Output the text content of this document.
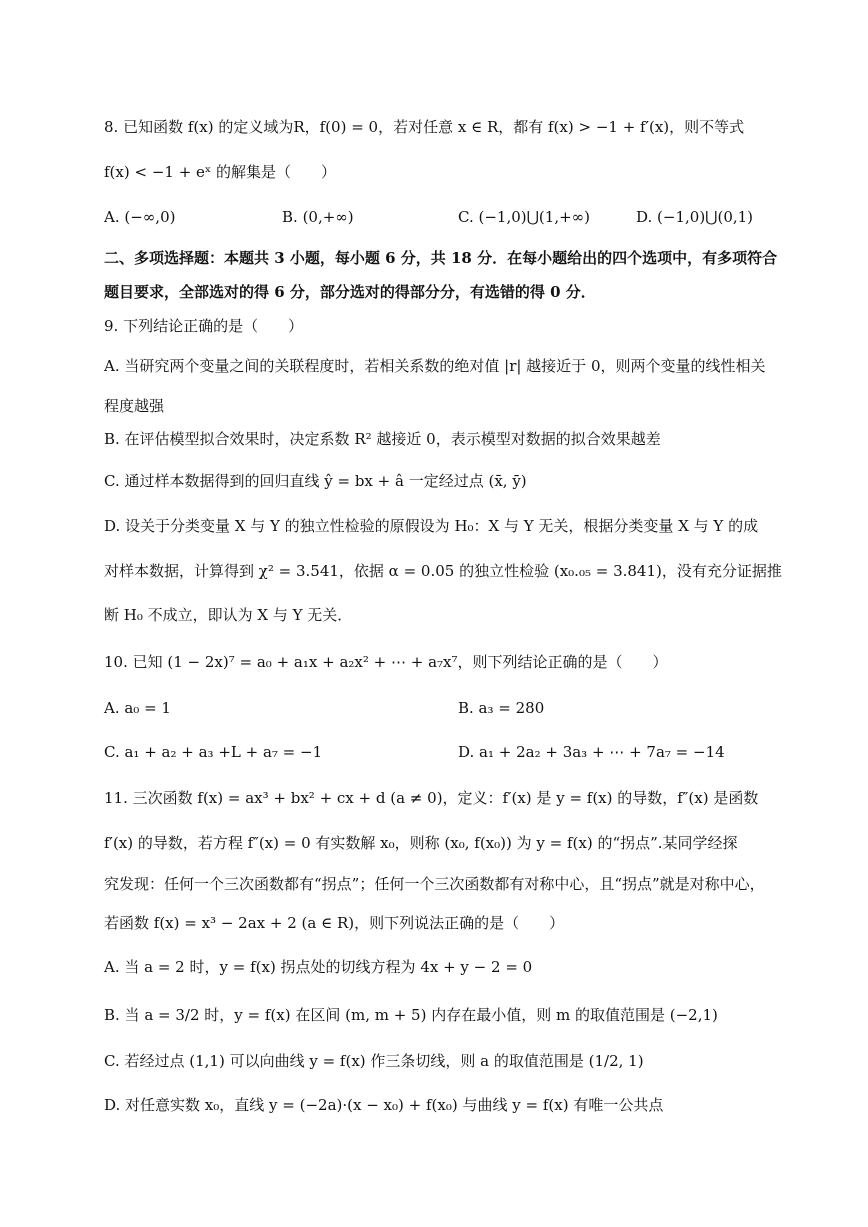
8. 已知函数 f(x) 的定义域为R，f(0) = 0，若对任意 x ∈ R，都有 f(x) > −1 + f′(x)，则不等式
f(x) < −1 + eˣ 的解集是（　　）
A. (−∞,0)	B. (0,+∞)	C. (−1,0)⋃(1,+∞)	D. (−1,0)⋃(0,1)
二、多项选择题：本题共 3 小题，每小题 6 分，共 18 分．在每小题给出的四个选项中，有多项符合
题目要求，全部选对的得 6 分，部分选对的得部分分，有选错的得 0 分．
9. 下列结论正确的是（　　）
A. 当研究两个变量之间的关联程度时，若相关系数的绝对值 |r| 越接近于 0，则两个变量的线性相关
程度越强
B. 在评估模型拟合效果时，决定系数 R² 越接近 0，表示模型对数据的拟合效果越差
C. 通过样本数据得到的回归直线 ŷ = bx + â 一定经过点 (x̄, ȳ)
D. 设关于分类变量 X 与 Y 的独立性检验的原假设为 H₀：X 与 Y 无关，根据分类变量 X 与 Y 的成
对样本数据，计算得到 χ² = 3.541，依据 α = 0.05 的独立性检验 (x₀.₀₅ = 3.841)，没有充分证据推
断 H₀ 不成立，即认为 X 与 Y 无关．
10. 已知 (1 − 2x)⁷ = a₀ + a₁x + a₂x² + ⋯ + a₇x⁷，则下列结论正确的是（　　）
A. a₀ = 1	B. a₃ = 280
C. a₁ + a₂ + a₃ +L + a₇ = −1	D. a₁ + 2a₂ + 3a₃ + ⋯ + 7a₇ = −14
11. 三次函数 f(x) = ax³ + bx² + cx + d (a ≠ 0)，定义：f′(x) 是 y = f(x) 的导数，f″(x) 是函数
f′(x) 的导数，若方程 f″(x) = 0 有实数解 x₀，则称 (x₀, f(x₀)) 为 y = f(x) 的“拐点”.某同学经探
究发现：任何一个三次函数都有“拐点”；任何一个三次函数都有对称中心，且“拐点”就是对称中心，
若函数 f(x) = x³ − 2ax + 2 (a ∈ R)，则下列说法正确的是（　　）
A. 当 a = 2 时，y = f(x) 拐点处的切线方程为 4x + y − 2 = 0
B. 当 a = 3/2 时，y = f(x) 在区间 (m, m + 5) 内存在最小值，则 m 的取值范围是 (−2,1)
C. 若经过点 (1,1) 可以向曲线 y = f(x) 作三条切线，则 a 的取值范围是 (1/2, 1)
D. 对任意实数 x₀，直线 y = (−2a)·(x − x₀) + f(x₀) 与曲线 y = f(x) 有唯一公共点
